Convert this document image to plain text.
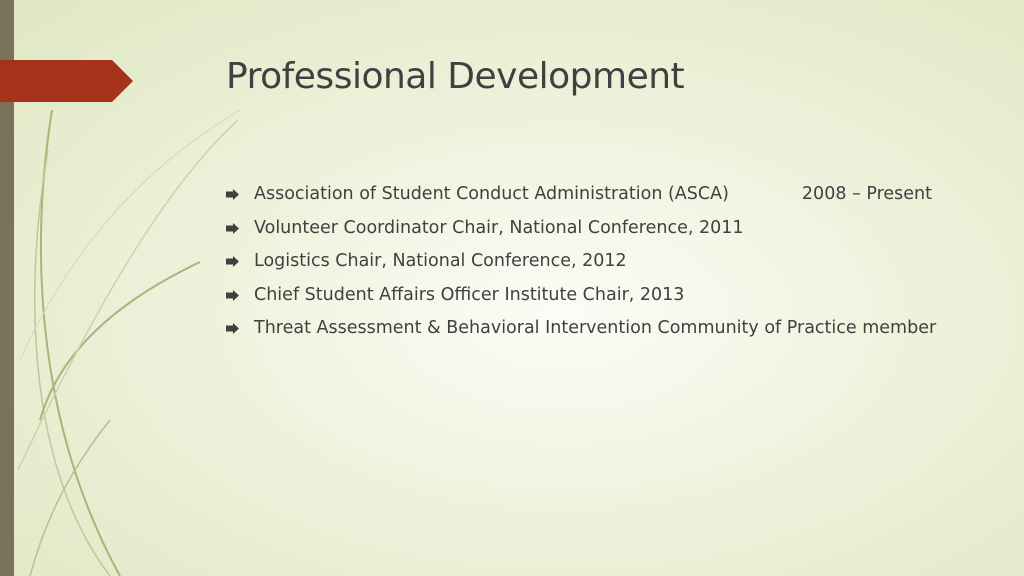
Professional Development
Association of Student Conduct Administration (ASCA)	2008 – Present
Volunteer Coordinator Chair, National Conference, 2011
Logistics Chair, National Conference, 2012
Chief Student Affairs Officer Institute Chair, 2013
Threat Assessment & Behavioral Intervention Community of Practice member
